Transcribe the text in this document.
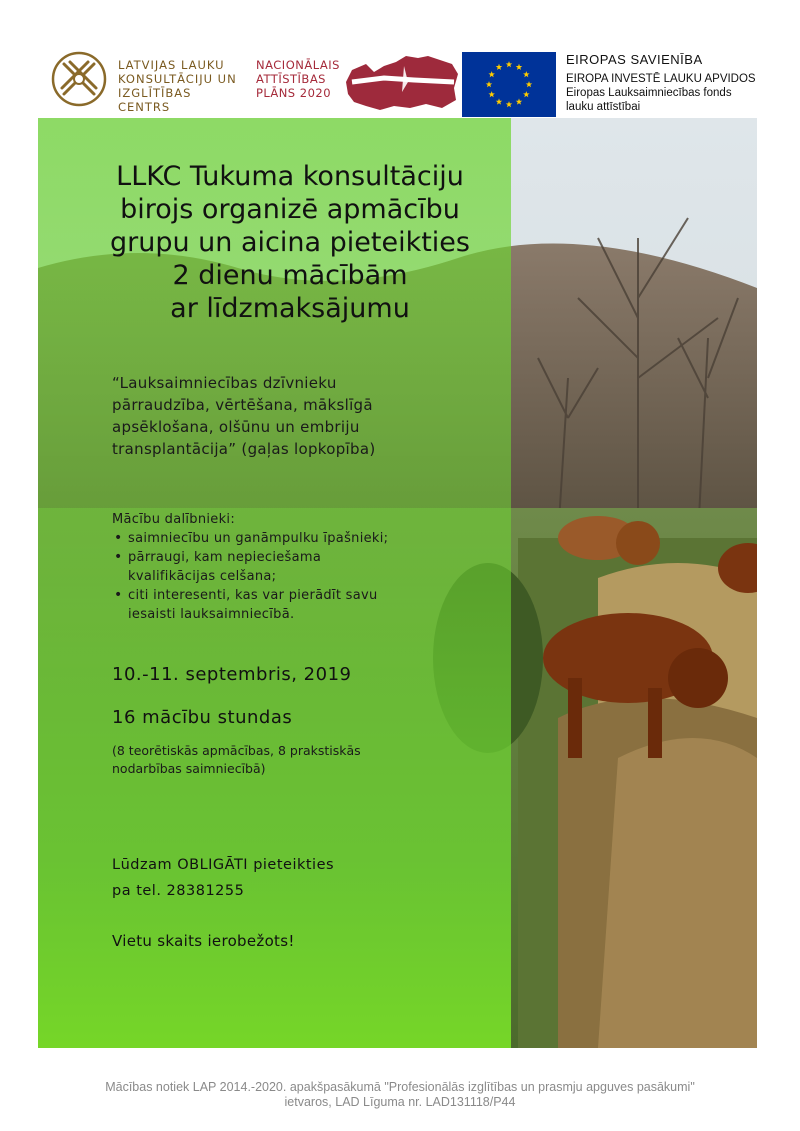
LATVIJAS LAUKU
KONSULTĀCIJU UN
IZGLĪTĪBAS CENTRS
NACIONĀLAIS
ATTĪSTĪBAS
PLĀNS 2020
EIROPAS SAVIENĪBA
EIROPA INVESTĒ LAUKU APVIDOS
Eiropas Lauksaimniecības fonds
lauku attīstībai
LLKC Tukuma konsultāciju
birojs organizē apmācību
grupu un aicina pieteikties
2 dienu mācībām
ar līdzmaksājumu
“Lauksaimniecības dzīvnieku
pārraudzība, vērtēšana, mākslīgā
apsēklošana, olšūnu un embriju
transplantācija” (gaļas lopkopība)
Mācību dalībnieki:
• saimniecību un ganāmpulku īpašnieki;
• pārraugi, kam nepieciešama
kvalifikācijas celšana;
• citi interesenti, kas var pierādīt savu
iesaisti lauksaimniecībā.
10.-11. septembris, 2019
16 mācību stundas
(8 teorētiskās apmācības, 8 prakstiskās
nodarbības saimniecībā)
Lūdzam OBLIGĀTI pieteikties
pa tel. 28381255
Vietu skaits ierobežots!
Mācības notiek LAP 2014.-2020. apakšpasākumā "Profesionālās izglītības un prasmju apguves pasākumi"
ietvaros, LAD Līguma nr. LAD131118/P44
